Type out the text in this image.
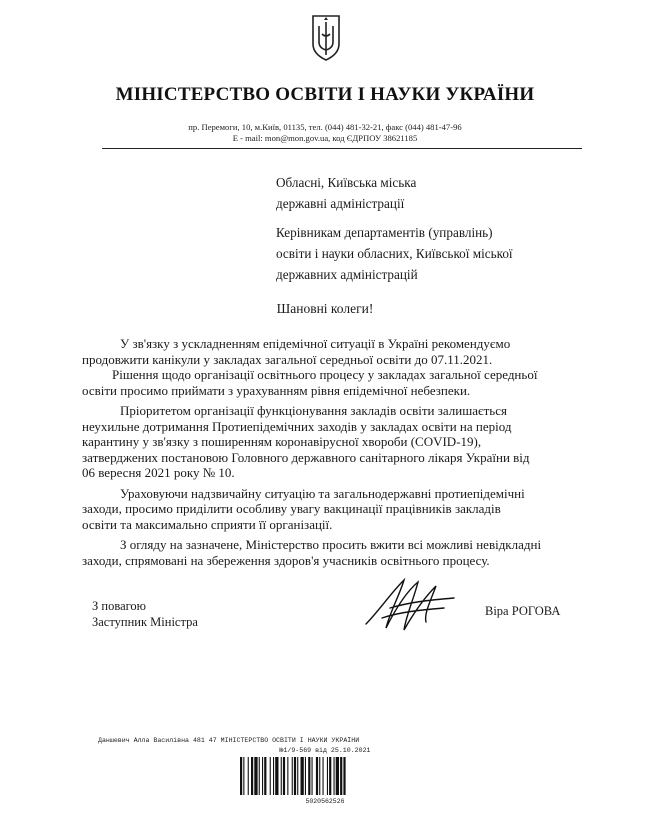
МІНІСТЕРСТВО ОСВІТИ І НАУКИ УКРАЇНИ
пр. Перемоги, 10, м.Київ, 01135, тел. (044) 481-32-21, факс (044) 481-47-96
E - mail: mon@mon.gov.ua, код ЄДРПОУ 38621185
Обласні, Київська міська
державні адміністрації
Керівникам департаментів (управлінь)
освіти і науки обласних, Київської міської
державних адміністрацій
Шановні колеги!
У зв'язку з ускладненням епідемічної ситуації в Україні рекомендуємо
продовжити канікули у закладах загальної середньої освіти до 07.11.2021.
Рішення щодо організації освітнього процесу у закладах загальної середньої
освіти просимо приймати з урахуванням рівня епідемічної небезпеки.
Пріоритетом організації функціонування закладів освіти залишається
неухильне дотримання Протиепідемічних заходів у закладах освіти на період
карантину у зв'язку з поширенням коронавірусної хвороби (COVID-19),
затверджених постановою Головного державного санітарного лікаря України від
06 вересня 2021 року № 10.
Ураховуючи надзвичайну ситуацію та загальнодержавні протиепідемічні
заходи, просимо приділити особливу увагу вакцинації працівників закладів
освіти та максимально сприяти її організації.
З огляду на зазначене, Міністерство просить вжити всі можливі невідкладні
заходи, спрямовані на збереження здоров'я учасників освітнього процесу.
З повагою
Заступник Міністра
Віра РОГОВА
Даншевич Алла Василівна 481 47 МІНІСТЕРСТВО ОСВІТИ І НАУКИ УКРАЇНИ
№1/9-569 від 25.10.2021
5020562526
